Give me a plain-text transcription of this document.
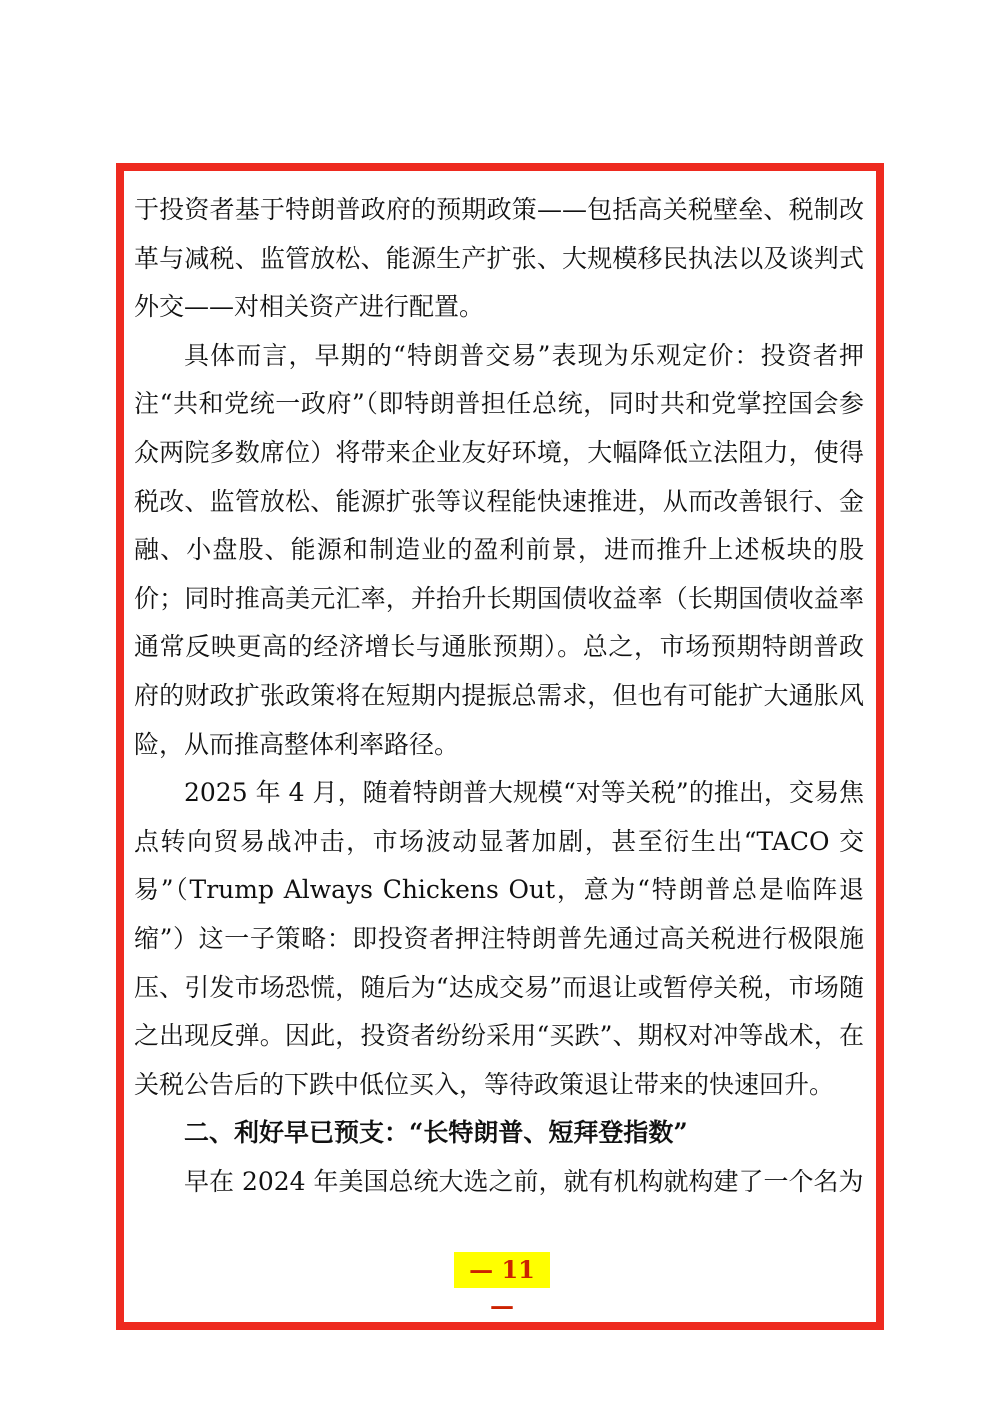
于投资者基于特朗普政府的预期政策——包括高关税壁垒、税制改革与减税、监管放松、能源生产扩张、大规模移民执法以及谈判式外交——对相关资产进行配置。

具体而言，早期的“特朗普交易”表现为乐观定价：投资者押注“共和党统一政府”（即特朗普担任总统，同时共和党掌控国会参众两院多数席位）将带来企业友好环境，大幅降低立法阻力，使得税改、监管放松、能源扩张等议程能快速推进，从而改善银行、金融、小盘股、能源和制造业的盈利前景，进而推升上述板块的股价；同时推高美元汇率，并抬升长期国债收益率（长期国债收益率通常反映更高的经济增长与通胀预期）。总之，市场预期特朗普政府的财政扩张政策将在短期内提振总需求，但也有可能扩大通胀风险，从而推高整体利率路径。

2025 年 4 月，随着特朗普大规模“对等关税”的推出，交易焦点转向贸易战冲击，市场波动显著加剧，甚至衍生出“TACO 交易”（Trump Always Chickens Out，意为“特朗普总是临阵退缩”）这一子策略：即投资者押注特朗普先通过高关税进行极限施压、引发市场恐慌，随后为“达成交易”而退让或暂停关税，市场随之出现反弹。因此，投资者纷纷采用“买跌”、期权对冲等战术，在关税公告后的下跌中低位买入，等待政策退让带来的快速回升。

二、利好早已预支：“长特朗普、短拜登指数”

早在 2024 年美国总统大选之前，就有机构就构建了一个名为

— 11 —
